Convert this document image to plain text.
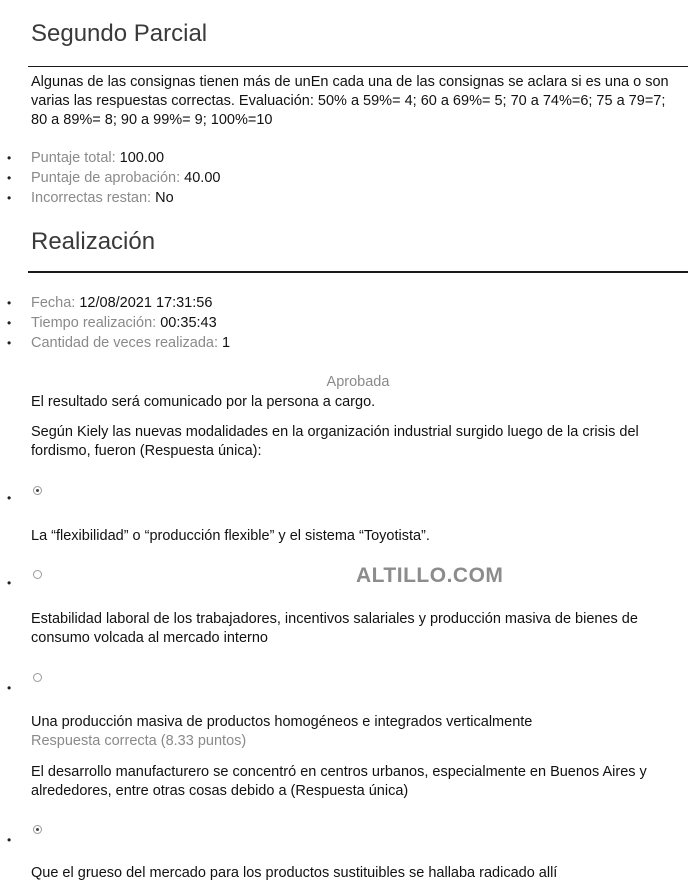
Segundo Parcial

Algunas de las consignas tienen más de unEn cada una de las consignas se aclara si es una o son varias las respuestas correctas. Evaluación: 50% a 59%= 4; 60 a 69%= 5; 70 a 74%=6; 75 a 79=7; 80 a 89%= 8; 90 a 99%= 9; 100%=10

• Puntaje total: 100.00
• Puntaje de aprobación: 40.00
• Incorrectas restan: No
Realización
• Fecha: 12/08/2021 17:31:56
• Tiempo realización: 00:35:43
• Cantidad de veces realizada: 1
Aprobada

El resultado será comunicado por la persona a cargo.

Según Kiely las nuevas modalidades en la organización industrial surgido luego de la crisis del fordismo, fueron (Respuesta única):

•

La “flexibilidad” o “producción flexible” y el sistema “Toyotista”.

•	ALTILLO.COM

Estabilidad laboral de los trabajadores, incentivos salariales y producción masiva de bienes de consumo volcada al mercado interno

•

Una producción masiva de productos homogéneos e integrados verticalmente

Respuesta correcta (8.33 puntos)

El desarrollo manufacturero se concentró en centros urbanos, especialmente en Buenos Aires y alrededores, entre otras cosas debido a (Respuesta única)

•

Que el grueso del mercado para los productos sustituibles se hallaba radicado allí
